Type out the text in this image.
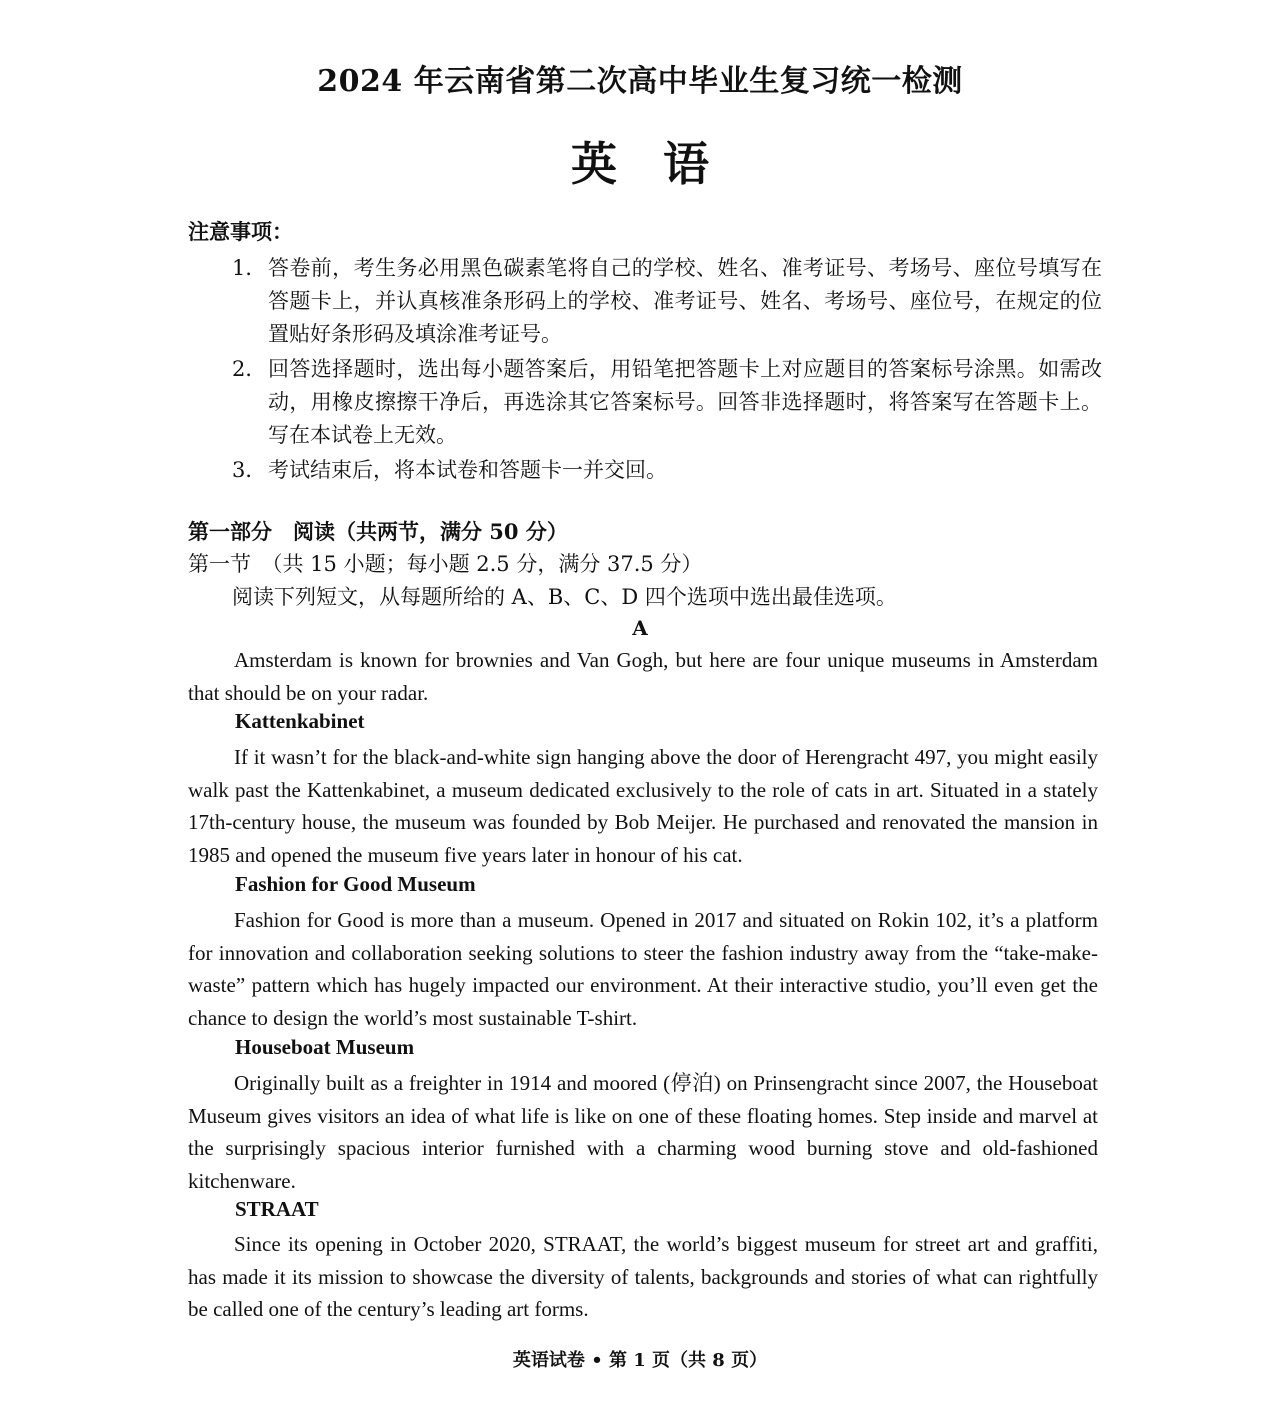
2024 年云南省第二次高中毕业生复习统一检测
英语
注意事项：
1． 答卷前，考生务必用黑色碳素笔将自己的学校、姓名、准考证号、考场号、座位号填写在答题卡上，并认真核准条形码上的学校、准考证号、姓名、考场号、座位号，在规定的位置贴好条形码及填涂准考证号。
2． 回答选择题时，选出每小题答案后，用铅笔把答题卡上对应题目的答案标号涂黑。如需改动，用橡皮擦擦干净后，再选涂其它答案标号。回答非选择题时，将答案写在答题卡上。写在本试卷上无效。
3． 考试结束后，将本试卷和答题卡一并交回。
第一部分　阅读（共两节，满分 50 分）
第一节　（共 15 小题；每小题 2.5 分，满分 37.5 分）
阅读下列短文，从每题所给的 A、B、C、D 四个选项中选出最佳选项。
A
Amsterdam is known for brownies and Van Gogh, but here are four unique museums in Amsterdam that should be on your radar.
Kattenkabinet
If it wasn’t for the black-and-white sign hanging above the door of Herengracht 497, you might easily walk past the Kattenkabinet, a museum dedicated exclusively to the role of cats in art. Situated in a stately 17th-century house, the museum was founded by Bob Meijer. He purchased and renovated the mansion in 1985 and opened the museum five years later in honour of his cat.
Fashion for Good Museum
Fashion for Good is more than a museum. Opened in 2017 and situated on Rokin 102, it’s a platform for innovation and collaboration seeking solutions to steer the fashion industry away from the “take-make-waste” pattern which has hugely impacted our environment. At their interactive studio, you’ll even get the chance to design the world’s most sustainable T-shirt.
Houseboat Museum
Originally built as a freighter in 1914 and moored (停泊) on Prinsengracht since 2007, the Houseboat Museum gives visitors an idea of what life is like on one of these floating homes. Step inside and marvel at the surprisingly spacious interior furnished with a charming wood burning stove and old-fashioned kitchenware.
STRAAT
Since its opening in October 2020, STRAAT, the world’s biggest museum for street art and graffiti, has made it its mission to showcase the diversity of talents, backgrounds and stories of what can rightfully be called one of the century’s leading art forms.
英语试卷 • 第 1 页（共 8 页）
